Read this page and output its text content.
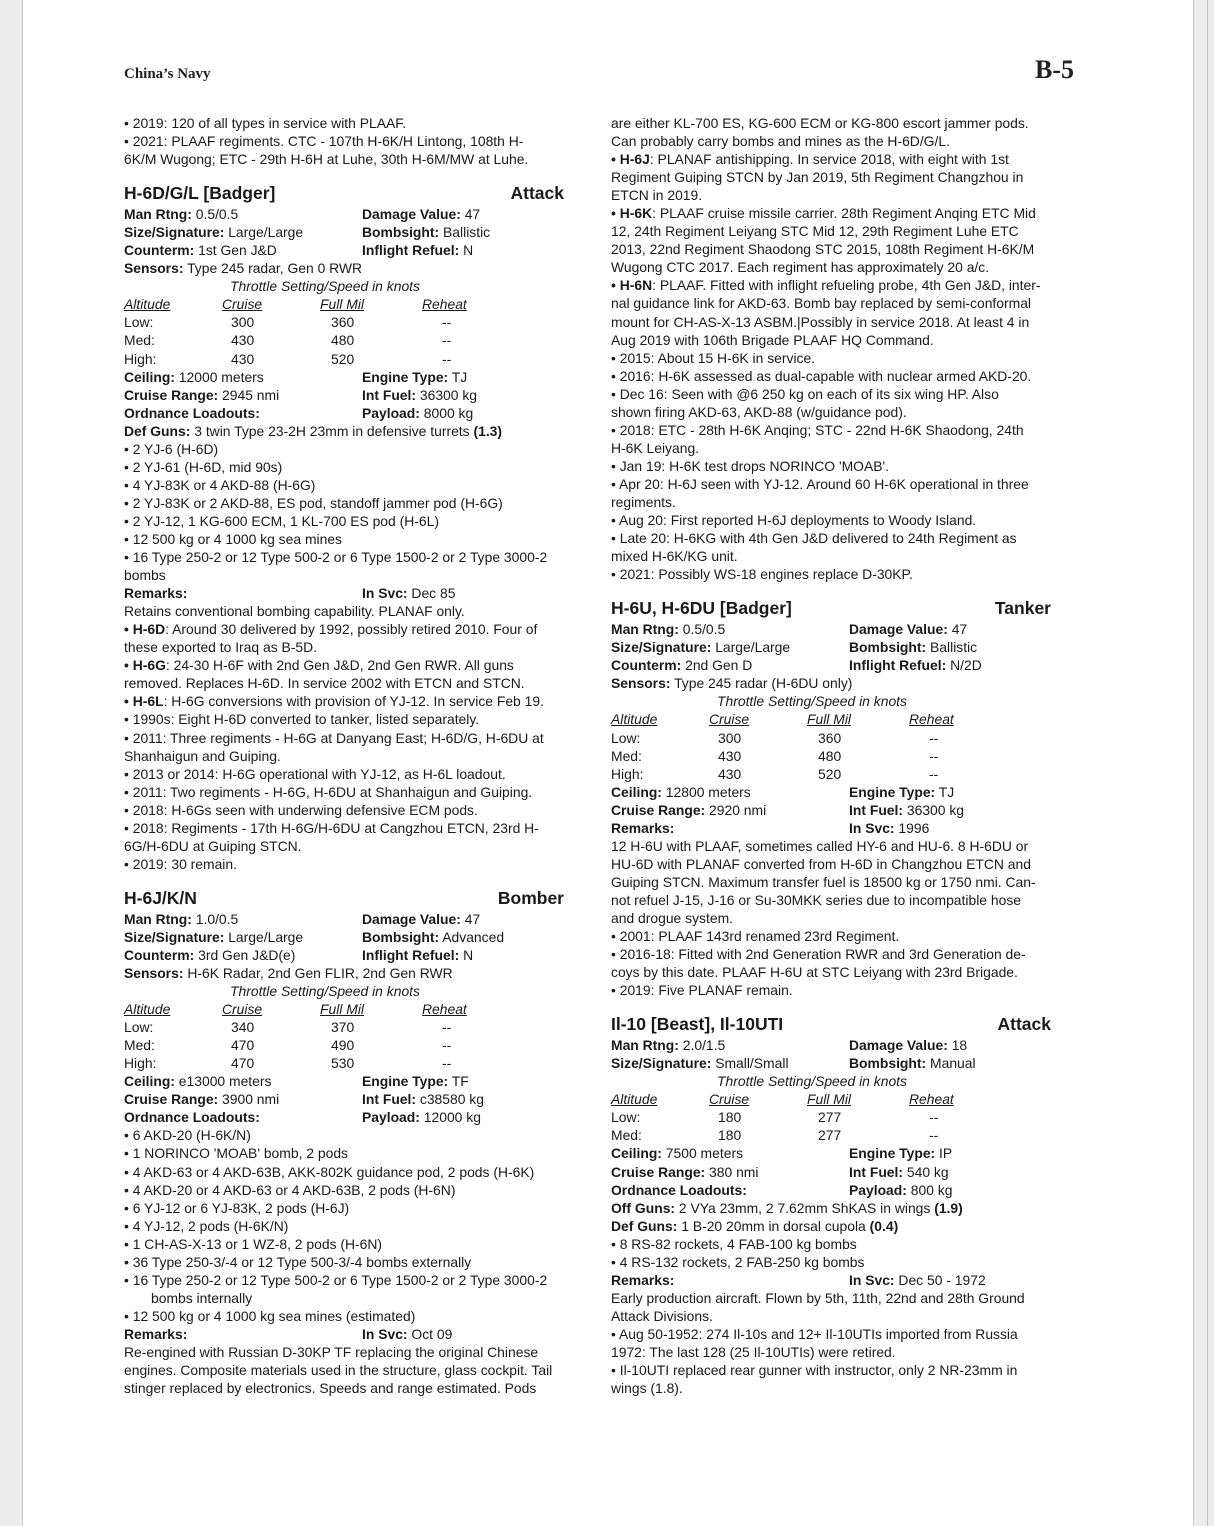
China’s Navy	B-5
• 2019: 120 of all types in service with PLAAF.
• 2021: PLAAF regiments. CTC - 107th H-6K/H Lintong, 108th H-
6K/M Wugong; ETC - 29th H-6H at Luhe, 30th H-6M/MW at Luhe.
H-6D/G/L [Badger]	Attack
Man Rtng: 0.5/0.5	Damage Value: 47
Size/Signature: Large/Large	Bombsight: Ballistic
Counterm: 1st Gen J&D	Inflight Refuel: N
Sensors: Type 245 radar, Gen 0 RWR
Throttle Setting/Speed in knots
Altitude	Cruise	Full Mil	Reheat
Low:	300	360	--
Med:	430	480	--
High:	430	520	--
Ceiling: 12000 meters	Engine Type: TJ
Cruise Range: 2945 nmi	Int Fuel: 36300 kg
Ordnance Loadouts:	Payload: 8000 kg
Def Guns: 3 twin Type 23-2H 23mm in defensive turrets (1.3)
• 2 YJ-6 (H-6D)
• 2 YJ-61 (H-6D, mid 90s)
• 4 YJ-83K or 4 AKD-88 (H-6G)
• 2 YJ-83K or 2 AKD-88, ES pod, standoff jammer pod (H-6G)
• 2 YJ-12, 1 KG-600 ECM, 1 KL-700 ES pod (H-6L)
• 12 500 kg or 4 1000 kg sea mines
• 16 Type 250-2 or 12 Type 500-2 or 6 Type 1500-2 or 2 Type 3000-2
bombs
Remarks:	In Svc: Dec 85
Retains conventional bombing capability. PLANAF only.
• H-6D: Around 30 delivered by 1992, possibly retired 2010. Four of
these exported to Iraq as B-5D.
• H-6G: 24-30 H-6F with 2nd Gen J&D, 2nd Gen RWR. All guns
removed. Replaces H-6D. In service 2002 with ETCN and STCN.
• H-6L: H-6G conversions with provision of YJ-12. In service Feb 19.
• 1990s: Eight H-6D converted to tanker, listed separately.
• 2011: Three regiments - H-6G at Danyang East; H-6D/G, H-6DU at
Shanhaigun and Guiping.
• 2013 or 2014: H-6G operational with YJ-12, as H-6L loadout.
• 2011: Two regiments - H-6G, H-6DU at Shanhaigun and Guiping.
• 2018: H-6Gs seen with underwing defensive ECM pods.
• 2018: Regiments - 17th H-6G/H-6DU at Cangzhou ETCN, 23rd H-
6G/H-6DU at Guiping STCN.
• 2019: 30 remain.
H-6J/K/N	Bomber
Man Rtng: 1.0/0.5	Damage Value: 47
Size/Signature: Large/Large	Bombsight: Advanced
Counterm: 3rd Gen J&D(e)	Inflight Refuel: N
Sensors: H-6K Radar, 2nd Gen FLIR, 2nd Gen RWR
Throttle Setting/Speed in knots
Altitude	Cruise	Full Mil	Reheat
Low:	340	370	--
Med:	470	490	--
High:	470	530	--
Ceiling: e13000 meters	Engine Type: TF
Cruise Range: 3900 nmi	Int Fuel: c38580 kg
Ordnance Loadouts:	Payload: 12000 kg
• 6 AKD-20 (H-6K/N)
• 1 NORINCO 'MOAB' bomb, 2 pods
• 4 AKD-63 or 4 AKD-63B, AKK-802K guidance pod, 2 pods (H-6K)
• 4 AKD-20 or 4 AKD-63 or 4 AKD-63B, 2 pods (H-6N)
• 6 YJ-12 or 6 YJ-83K, 2 pods (H-6J)
• 4 YJ-12, 2 pods (H-6K/N)
• 1 CH-AS-X-13 or 1 WZ-8, 2 pods (H-6N)
• 36 Type 250-3/-4 or 12 Type 500-3/-4 bombs externally
• 16 Type 250-2 or 12 Type 500-2 or 6 Type 1500-2 or 2 Type 3000-2
bombs internally
• 12 500 kg or 4 1000 kg sea mines (estimated)
Remarks:	In Svc: Oct 09
Re-engined with Russian D-30KP TF replacing the original Chinese
engines. Composite materials used in the structure, glass cockpit. Tail
stinger replaced by electronics. Speeds and range estimated. Pods
are either KL-700 ES, KG-600 ECM or KG-800 escort jammer pods.
Can probably carry bombs and mines as the H-6D/G/L.
• H-6J: PLANAF antishipping. In service 2018, with eight with 1st
Regiment Guiping STCN by Jan 2019, 5th Regiment Changzhou in
ETCN in 2019.
• H-6K: PLAAF cruise missile carrier. 28th Regiment Anqing ETC Mid
12, 24th Regiment Leiyang STC Mid 12, 29th Regiment Luhe ETC
2013, 22nd Regiment Shaodong STC 2015, 108th Regiment H-6K/M
Wugong CTC 2017. Each regiment has approximately 20 a/c.
• H-6N: PLAAF. Fitted with inflight refueling probe, 4th Gen J&D, inter-
nal guidance link for AKD-63. Bomb bay replaced by semi-conformal
mount for CH-AS-X-13 ASBM.|Possibly in service 2018. At least 4 in
Aug 2019 with 106th Brigade PLAAF HQ Command.
• 2015: About 15 H-6K in service.
• 2016: H-6K assessed as dual-capable with nuclear armed AKD-20.
• Dec 16: Seen with @6 250 kg on each of its six wing HP. Also
shown firing AKD-63, AKD-88 (w/guidance pod).
• 2018: ETC - 28th H-6K Anqing; STC - 22nd H-6K Shaodong, 24th
H-6K Leiyang.
• Jan 19: H-6K test drops NORINCO 'MOAB'.
• Apr 20: H-6J seen with YJ-12. Around 60 H-6K operational in three
regiments.
• Aug 20: First reported H-6J deployments to Woody Island.
• Late 20: H-6KG with 4th Gen J&D delivered to 24th Regiment as
mixed H-6K/KG unit.
• 2021: Possibly WS-18 engines replace D-30KP.
H-6U, H-6DU [Badger]	Tanker
Man Rtng: 0.5/0.5	Damage Value: 47
Size/Signature: Large/Large	Bombsight: Ballistic
Counterm: 2nd Gen D	Inflight Refuel: N/2D
Sensors: Type 245 radar (H-6DU only)
Throttle Setting/Speed in knots
Altitude	Cruise	Full Mil	Reheat
Low:	300	360	--
Med:	430	480	--
High:	430	520	--
Ceiling: 12800 meters	Engine Type: TJ
Cruise Range: 2920 nmi	Int Fuel: 36300 kg
Remarks:	In Svc: 1996
12 H-6U with PLAAF, sometimes called HY-6 and HU-6. 8 H-6DU or
HU-6D with PLANAF converted from H-6D in Changzhou ETCN and
Guiping STCN. Maximum transfer fuel is 18500 kg or 1750 nmi. Can-
not refuel J-15, J-16 or Su-30MKK series due to incompatible hose
and drogue system.
• 2001: PLAAF 143rd renamed 23rd Regiment.
• 2016-18: Fitted with 2nd Generation RWR and 3rd Generation de-
coys by this date. PLAAF H-6U at STC Leiyang with 23rd Brigade.
• 2019: Five PLANAF remain.
Il-10 [Beast], Il-10UTI	Attack
Man Rtng: 2.0/1.5	Damage Value: 18
Size/Signature: Small/Small	Bombsight: Manual
Throttle Setting/Speed in knots
Altitude	Cruise	Full Mil	Reheat
Low:	180	277	--
Med:	180	277	--
Ceiling: 7500 meters	Engine Type: IP
Cruise Range: 380 nmi	Int Fuel: 540 kg
Ordnance Loadouts:	Payload: 800 kg
Off Guns: 2 VYa 23mm, 2 7.62mm ShKAS in wings (1.9)
Def Guns: 1 B-20 20mm in dorsal cupola (0.4)
• 8 RS-82 rockets, 4 FAB-100 kg bombs
• 4 RS-132 rockets, 2 FAB-250 kg bombs
Remarks:	In Svc: Dec 50 - 1972
Early production aircraft. Flown by 5th, 11th, 22nd and 28th Ground
Attack Divisions.
• Aug 50-1952: 274 Il-10s and 12+ Il-10UTIs imported from Russia
1972: The last 128 (25 Il-10UTIs) were retired.
• Il-10UTI replaced rear gunner with instructor, only 2 NR-23mm in
wings (1.8).
